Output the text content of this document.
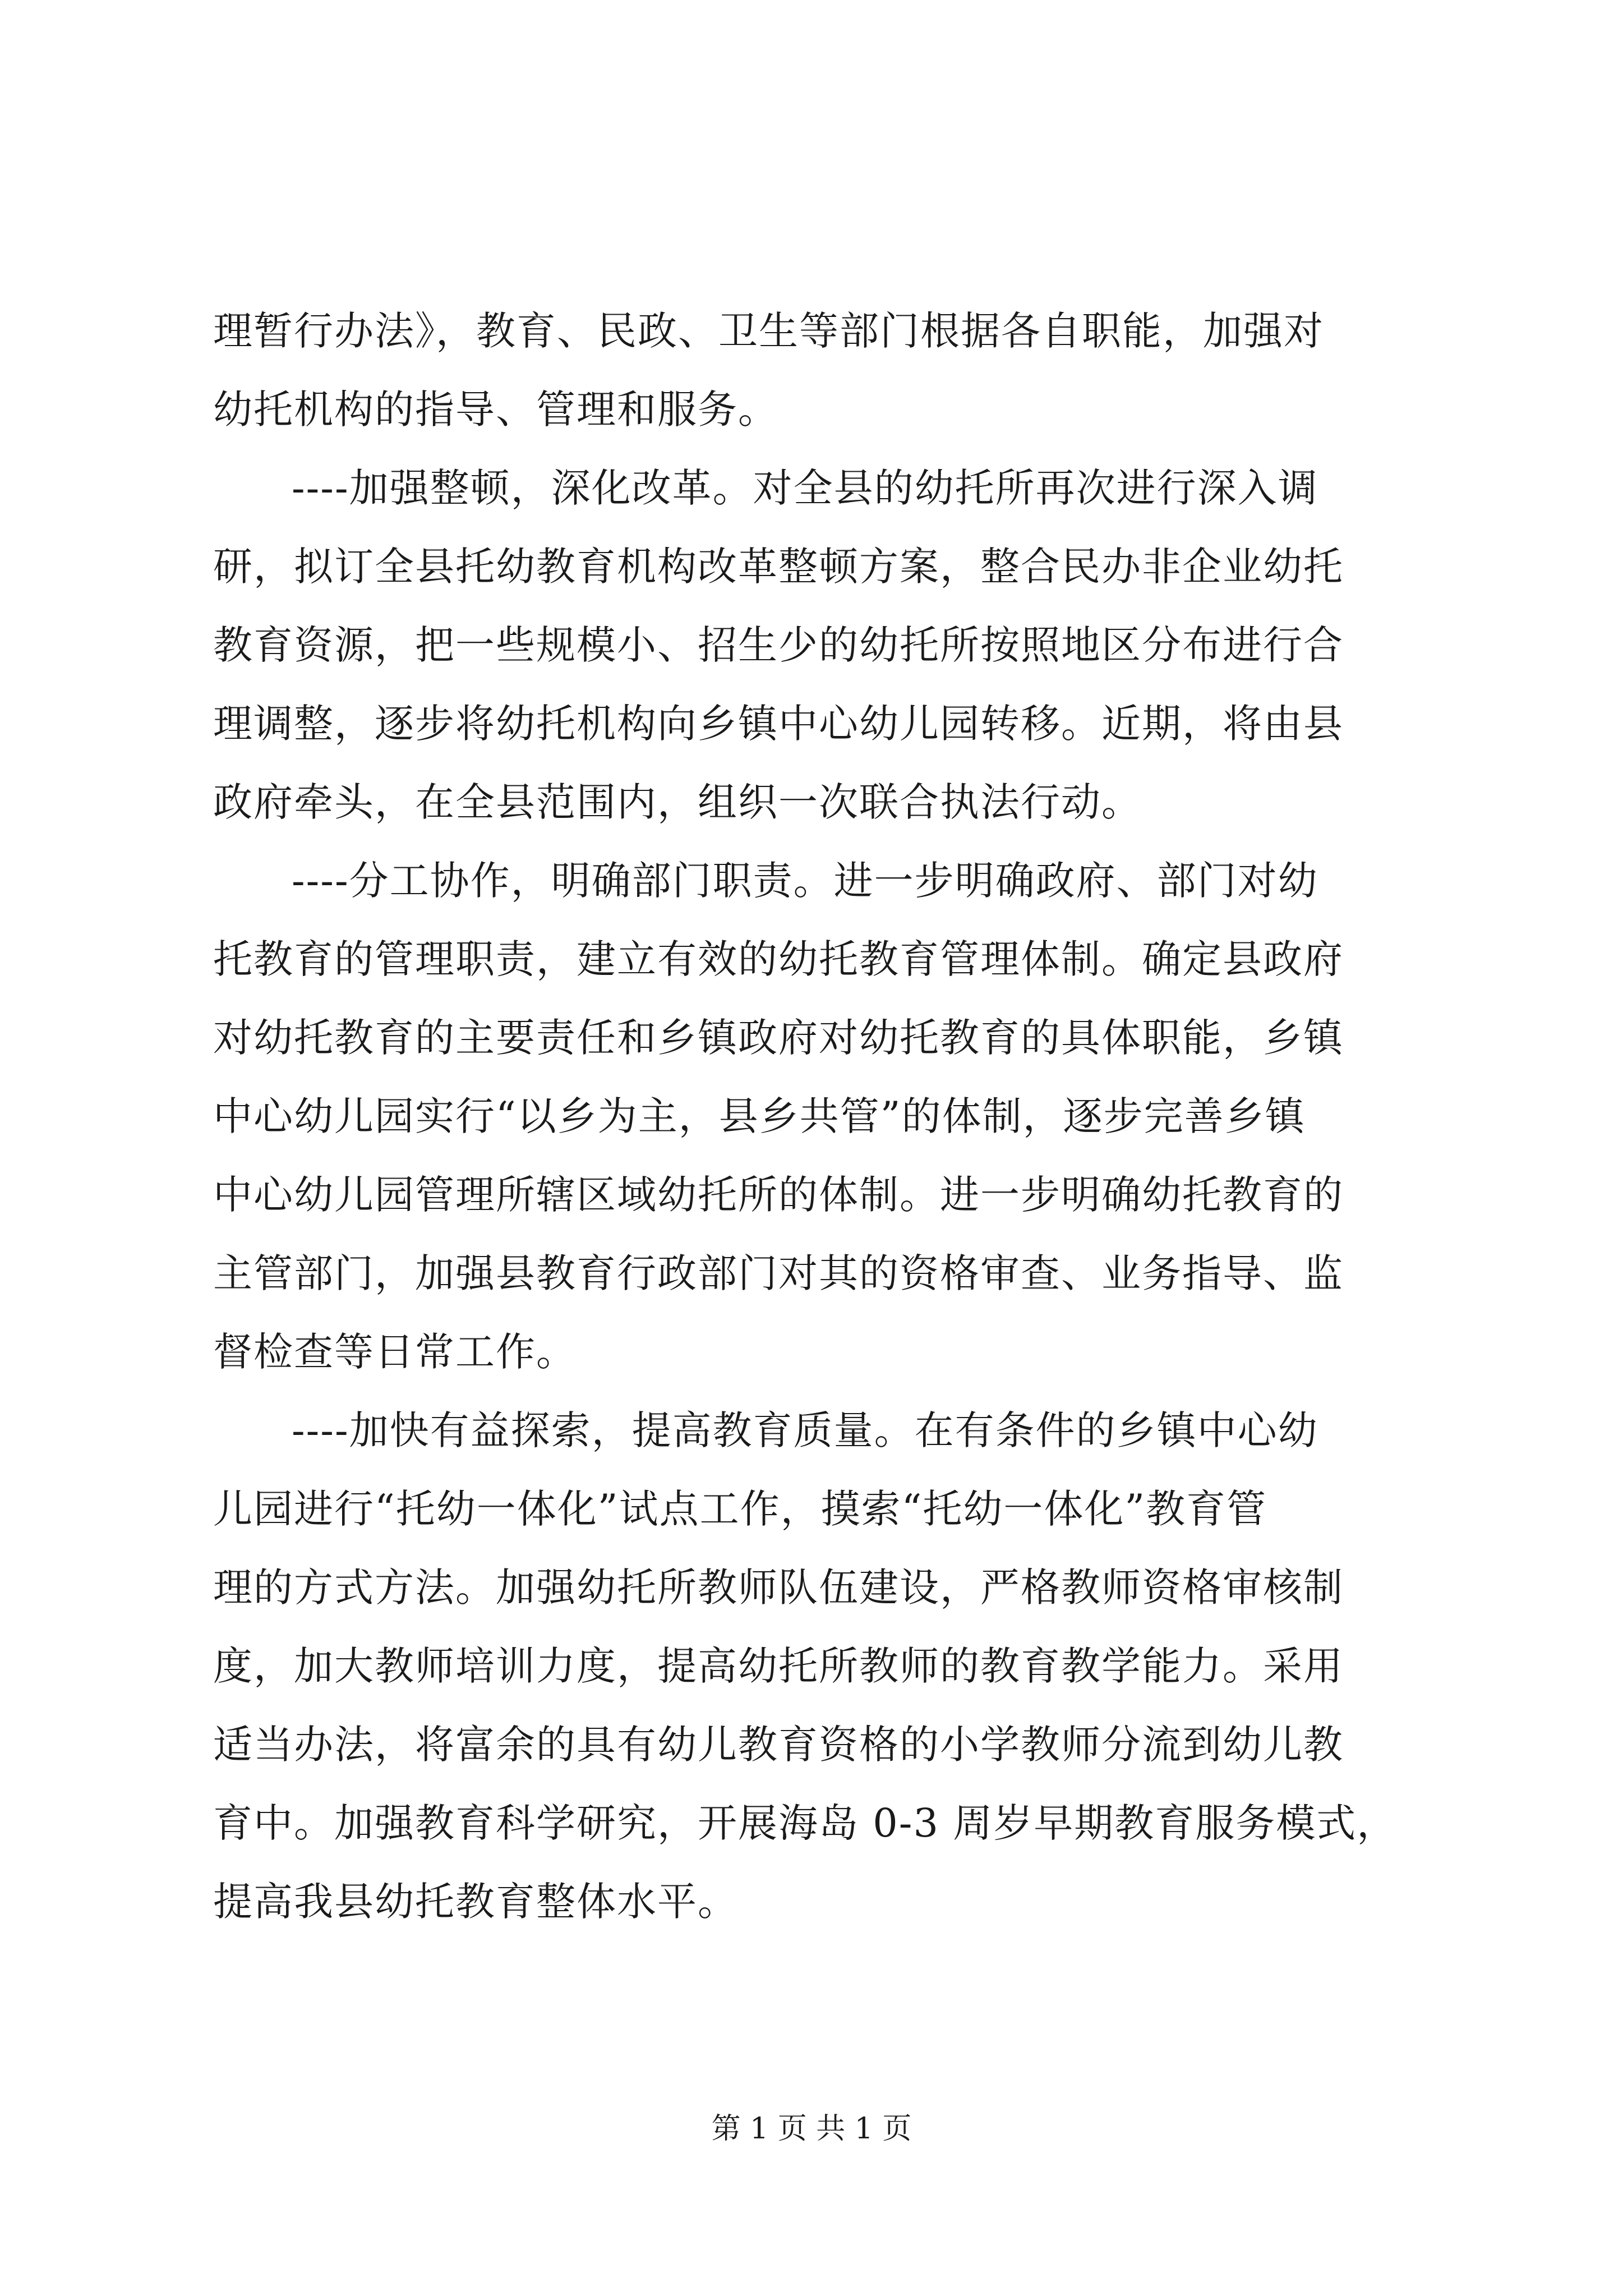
理暂行办法》，教育、民政、卫生等部门根据各自职能，加强对
幼托机构的指导、管理和服务。
----加强整顿，深化改革。对全县的幼托所再次进行深入调
研，拟订全县托幼教育机构改革整顿方案，整合民办非企业幼托
教育资源，把一些规模小、招生少的幼托所按照地区分布进行合
理调整，逐步将幼托机构向乡镇中心幼儿园转移。近期，将由县
政府牵头，在全县范围内，组织一次联合执法行动。
----分工协作，明确部门职责。进一步明确政府、部门对幼
托教育的管理职责，建立有效的幼托教育管理体制。确定县政府
对幼托教育的主要责任和乡镇政府对幼托教育的具体职能，乡镇
中心幼儿园实行“以乡为主，县乡共管”的体制，逐步完善乡镇
中心幼儿园管理所辖区域幼托所的体制。进一步明确幼托教育的
主管部门，加强县教育行政部门对其的资格审查、业务指导、监
督检查等日常工作。
----加快有益探索，提高教育质量。在有条件的乡镇中心幼
儿园进行“托幼一体化”试点工作，摸索“托幼一体化”教育管
理的方式方法。加强幼托所教师队伍建设，严格教师资格审核制
度，加大教师培训力度，提高幼托所教师的教育教学能力。采用
适当办法，将富余的具有幼儿教育资格的小学教师分流到幼儿教
育中。加强教育科学研究，开展海岛 0-3 周岁早期教育服务模式，
提高我县幼托教育整体水平。
第 1 页 共 1 页
